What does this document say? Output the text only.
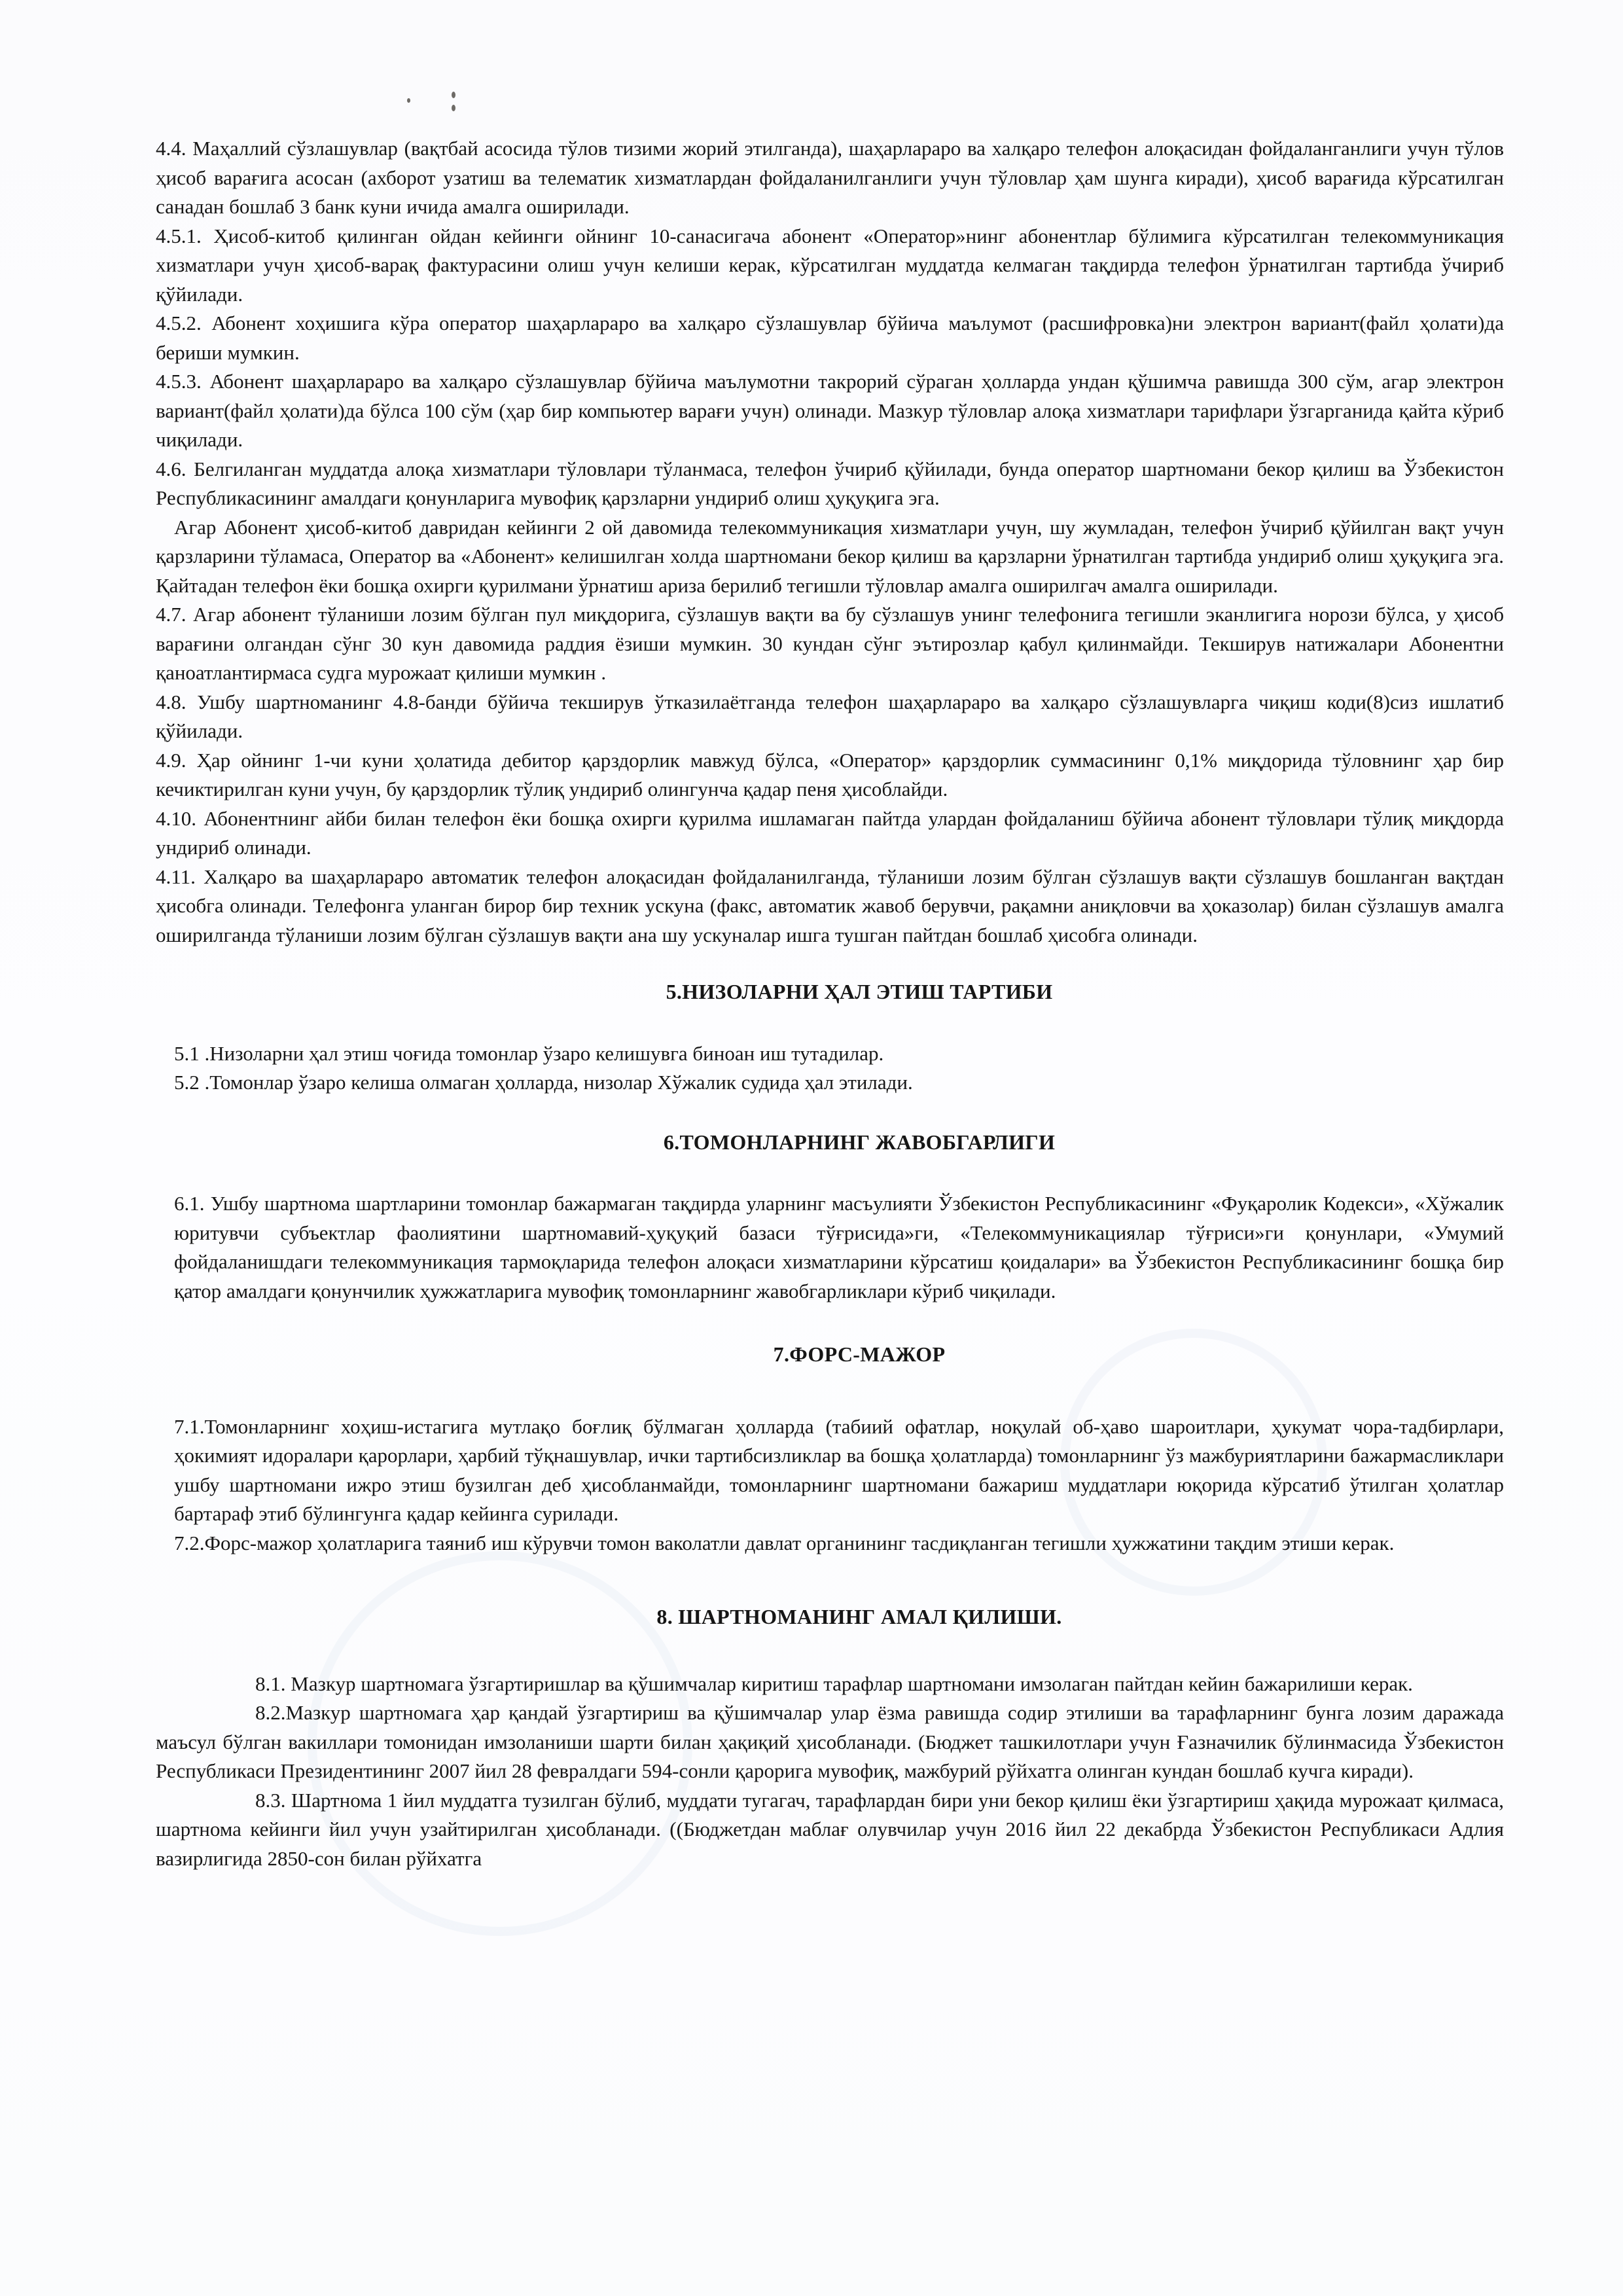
4.4. Маҳаллий сўзлашувлар (вақтбай асосида тўлов тизими жорий этилганда), шаҳарлараро ва халқаро телефон алоқасидан фойдаланганлиги учун тўлов ҳисоб варағига асосан (ахборот узатиш ва телематик хизматлардан фойдаланилганлиги учун тўловлар ҳам шунга киради), ҳисоб варағида кўрсатилган санадан бошлаб 3 банк куни ичида амалга оширилади.

4.5.1. Ҳисоб-китоб қилинган ойдан кейинги ойнинг 10-санасигача абонент «Оператор»нинг абонентлар бўлимига кўрсатилган телекоммуникация хизматлари учун ҳисоб-варақ фактурасини олиш учун келиши керак, кўрсатилган муддатда келмаган тақдирда телефон ўрнатилган тартибда ўчириб қўйилади.

4.5.2. Абонент хоҳишига кўра оператор шаҳарлараро ва халқаро сўзлашувлар бўйича маълумот (расшифровка)ни электрон вариант(файл ҳолати)да бериши мумкин.

4.5.3. Абонент шаҳарлараро ва халқаро сўзлашувлар бўйича маълумотни такрорий сўраган ҳолларда ундан қўшимча равишда 300 сўм, агар электрон вариант(файл ҳолати)да бўлса 100 сўм (ҳар бир компьютер варағи учун) олинади. Мазкур тўловлар алоқа хизматлари тарифлари ўзгарганида қайта кўриб чиқилади.

4.6. Белгиланган муддатда алоқа хизматлари тўловлари тўланмаса, телефон ўчириб қўйилади, бунда оператор шартномани бекор қилиш ва Ўзбекистон Республикасининг амалдаги қонунларига мувофиқ қарзларни ундириб олиш ҳуқуқига эга.

Агар Абонент ҳисоб-китоб давридан кейинги 2 ой давомида телекоммуникация хизматлари учун, шу жумладан, телефон ўчириб қўйилган вақт учун қарзларини тўламаса, Оператор ва «Абонент» келишилган холда шартномани бекор қилиш ва қарзларни ўрнатилган тартибда ундириб олиш ҳуқуқига эга. Қайтадан телефон ёки бошқа охирги қурилмани ўрнатиш ариза берилиб тегишли тўловлар амалга оширилгач амалга оширилади.

4.7. Агар абонент тўланиши лозим бўлган пул миқдорига, сўзлашув вақти ва бу сўзлашув унинг телефонига тегишли эканлигига норози бўлса, у ҳисоб варағини олгандан сўнг 30 кун давомида раддия ёзиши мумкин. 30 кундан сўнг эътирозлар қабул қилинмайди. Текширув натижалари Абонентни қаноатлантирмаса судга мурожаат қилиши мумкин .

4.8. Ушбу шартноманинг 4.8-банди бўйича текширув ўтказилаётганда телефон шаҳарлараро ва халқаро сўзлашувларга чиқиш коди(8)сиз ишлатиб қўйилади.

4.9. Ҳар ойнинг 1-чи куни ҳолатида дебитор қарздорлик мавжуд бўлса, «Оператор» қарздорлик суммасининг 0,1% миқдорида тўловнинг ҳар бир кечиктирилган куни учун, бу қарздорлик тўлиқ ундириб олингунча қадар пеня ҳисоблайди.

4.10. Абонентнинг айби билан телефон ёки бошқа охирги қурилма ишламаган пайтда улардан фойдаланиш бўйича абонент тўловлари тўлиқ миқдорда ундириб олинади.

4.11. Халқаро ва шаҳарлараро автоматик телефон алоқасидан фойдаланилганда, тўланиши лозим бўлган сўзлашув вақти сўзлашув бошланган вақтдан ҳисобга олинади. Телефонга уланган бирор бир техник ускуна (факс, автоматик жавоб берувчи, рақамни аниқловчи ва ҳоказолар) билан сўзлашув амалга оширилганда тўланиши лозим бўлган сўзлашув вақти ана шу ускуналар ишга тушган пайтдан бошлаб ҳисобга олинади.

5.НИЗОЛАРНИ ҲАЛ ЭТИШ ТАРТИБИ

5.1 .Низоларни ҳал этиш чоғида томонлар ўзаро келишувга биноан иш тутадилар.

5.2 .Томонлар ўзаро келиша олмаган ҳолларда, низолар Хўжалик судида ҳал этилади.

6.ТОМОНЛАРНИНГ ЖАВОБГАРЛИГИ

6.1. Ушбу шартнома шартларини томонлар бажармаган тақдирда уларнинг масъулияти Ўзбекистон Республикасининг «Фуқаролик Кодекси», «Хўжалик юритувчи субъектлар фаолиятини шартномавий-ҳуқуқий базаси тўғрисида»ги, «Телекоммуникациялар тўғриси»ги қонунлари, «Умумий фойдаланишдаги телекоммуникация тармоқларида телефон алоқаси хизматларини кўрсатиш қоидалари» ва Ўзбекистон Республикасининг бошқа бир қатор амалдаги қонунчилик ҳужжатларига мувофиқ томонларнинг жавобгарликлари кўриб чиқилади.

7.ФОРС-МАЖОР

7.1.Томонларнинг хоҳиш-истагига мутлақо боғлиқ бўлмаган ҳолларда (табиий офатлар, ноқулай об-ҳаво шароитлари, ҳукумат чора-тадбирлари, ҳокимият идоралари қарорлари, ҳарбий тўқнашувлар, ички тартибсизликлар ва бошқа ҳолатларда) томонларнинг ўз мажбуриятларини бажармасликлари ушбу шартномани ижро этиш бузилган деб ҳисобланмайди, томонларнинг шартномани бажариш муддатлари юқорида кўрсатиб ўтилган ҳолатлар бартараф этиб бўлингунга қадар кейинга сурилади.

7.2.Форс-мажор ҳолатларига таяниб иш кўрувчи томон ваколатли давлат органининг тасдиқланган тегишли ҳужжатини тақдим этиши керак.

8. ШАРТНОМАНИНГ АМАЛ ҚИЛИШИ.

8.1. Мазкур шартномага ўзгартиришлар ва қўшимчалар киритиш тарафлар шартномани имзолаган пайтдан кейин бажарилиши керак.

8.2.Мазкур шартномага ҳар қандай ўзгартириш ва қўшимчалар улар ёзма равишда содир этилиши ва тарафларнинг бунга лозим даражада маъсул бўлган вакиллари томонидан имзоланиши шарти билан ҳақиқий ҳисобланади. (Бюджет ташкилотлари учун Ғазначилик бўлинмасида Ўзбекистон Республикаси Президентининг 2007 йил 28 февралдаги 594-сонли қарорига мувофиқ, мажбурий рўйхатга олинган кундан бошлаб кучга киради).

8.3. Шартнома 1 йил муддатга тузилган бўлиб, муддати тугагач, тарафлардан бири уни бекор қилиш ёки ўзгартириш ҳақида мурожаат қилмаса, шартнома кейинги йил учун узайтирилган ҳисобланади. ((Бюджетдан маблағ олувчилар учун 2016 йил 22 декабрда Ўзбекистон Республикаси Адлия вазирлигида 2850-сон билан рўйхатга
